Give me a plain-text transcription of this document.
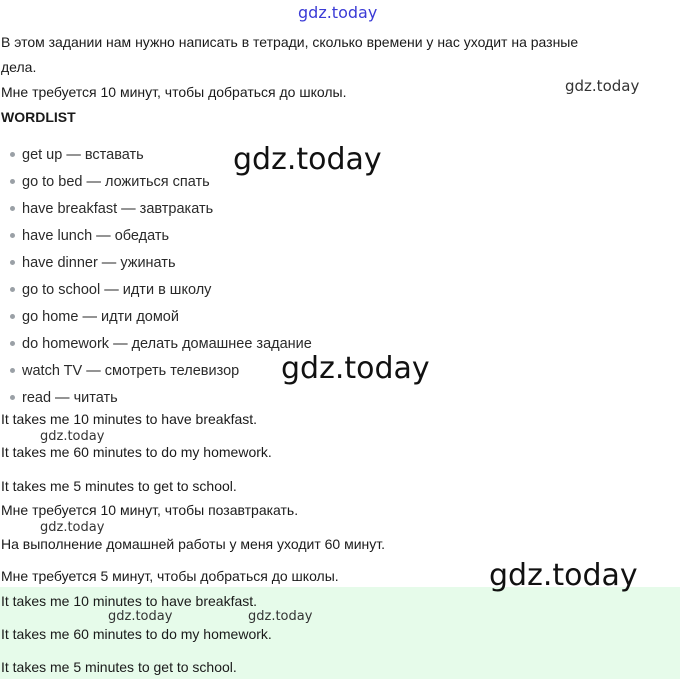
gdz.today
В этом задании нам нужно написать в тетради, сколько времени у нас уходит на разные
дела.
Мне требуется 10 минут, чтобы добраться до школы.	gdz.today
WORDLIST
get up — вставать
go to bed — ложиться спать
have breakfast — завтракать
have lunch — обедать
have dinner — ужинать
go to school — идти в школу
go home — идти домой
do homework — делать домашнее задание
watch TV — смотреть телевизор
read — читать
gdz.today
gdz.today
It takes me 10 minutes to have breakfast.
gdz.today
It takes me 60 minutes to do my homework.
It takes me 5 minutes to get to school.
Мне требуется 10 минут, чтобы позавтракать.
gdz.today
На выполнение домашней работы у меня уходит 60 минут.
Мне требуется 5 минут, чтобы добраться до школы.	gdz.today
It takes me 10 minutes to have breakfast.
gdz.today	gdz.today
It takes me 60 minutes to do my homework.
It takes me 5 minutes to get to school.
